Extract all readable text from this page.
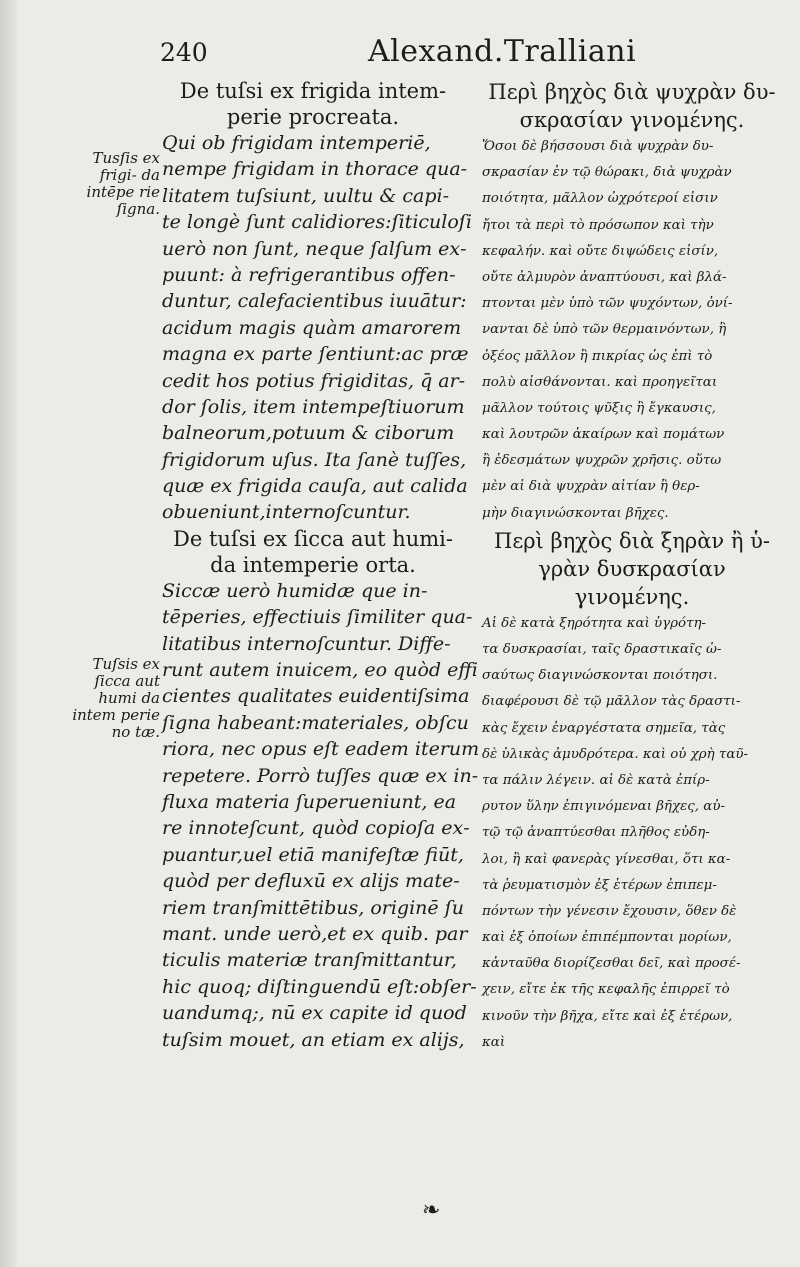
240	Alexand.Tralliani
Tusſis ex frigi‑ da intēpe rie ſigna.
Tuſsis ex ſicca aut humi da intem perie no tæ.
De tuſsi ex frigida intem‑
perie procreata.
Qui ob frigidam intemperiē,
nempe frigidam in thorace qua‑
litatem tuſsiunt, uultu & capi‑
te longè ſunt calidiores:ſiticuloſi
uerò non ſunt, neque ſalſum ex‑
puunt: à refrigerantibus offen‑
duntur, calefacientibus iuuātur:
acidum magis quàm amarorem
magna ex parte ſentiunt:ac præ
cedit hos potius frigiditas, q̄ ar‑
dor ſolis, item intempeſtiuorum
balneorum,potuum & ciborum
frigidorum uſus. Ita ſanè tuſſes,
quæ ex frigida cauſa, aut calida
obueniunt,internoſcuntur.
De tuſsi ex ſicca aut humi‑
da intemperie orta.
Siccæ uerò humidæ que in‑
tēperies, effectiuis ſimiliter qua‑
litatibus internoſcuntur. Diffe‑
runt autem inuicem, eo quòd effi
cientes qualitates euidentiſsima
ſigna habeant:materiales, obſcu
riora, nec opus eſt eadem iterum
repetere. Porrò tuſſes quæ ex in‑
fluxa materia ſuperueniunt, ea
re innoteſcunt, quòd copioſa ex‑
puantur,uel etiā manifeſtæ fiūt,
quòd per defluxū ex alijs mate‑
riem tranſmittētibus, originē ſu
mant. unde uerò,et ex quib. par
ticulis materiæ tranſmittantur,
hic quoq; diſtinguendū eſt:obſer‑
uandumq;, nū ex capite id quod
tuſsim mouet, an etiam ex alijs,
Περὶ βηχὸς διὰ ψυχρὰν δυ‑
σκρασίαν γινομένης.
Ὅσοι δὲ βήσσουσι διὰ ψυχρὰν δυ‑
σκρασίαν ἐν τῷ θώρακι, διὰ ψυχρὰν
ποιότητα, μᾶλλον ὠχρότεροί εἰσιν
ἤτοι τὰ περὶ τὸ πρόσωπον καὶ τὴν
κεφαλήν. καὶ οὔτε διψώδεις εἰσίν,
οὔτε ἁλμυρὸν ἀναπτύουσι, καὶ βλά‑
πτονται μὲν ὑπὸ τῶν ψυχόντων, ὀνί‑
νανται δὲ ὑπὸ τῶν θερμαινόντων, ἢ
ὀξέος μᾶλλον ἢ πικρίας ὡς ἐπὶ τὸ
πολὺ αἰσθάνονται. καὶ προηγεῖται
μᾶλλον τούτοις ψῦξις ἢ ἔγκαυσις,
καὶ λουτρῶν ἀκαίρων καὶ πομάτων
ἢ ἐδεσμάτων ψυχρῶν χρῆσις. οὕτω
μὲν αἱ διὰ ψυχρὰν αἰτίαν ἢ θερ‑
μὴν διαγινώσκονται βῆχες.
Περὶ βηχὸς διὰ ξηρὰν ἢ ὑ‑
γρὰν δυσκρασίαν
γινομένης.
Αἱ δὲ κατὰ ξηρότητα καὶ ὑγρότη‑
τα δυσκρασίαι, ταῖς δραστικαῖς ὡ‑
σαύτως διαγινώσκονται ποιότησι.
διαφέρουσι δὲ τῷ μᾶλλον τὰς δραστι‑
κὰς ἔχειν ἐναργέστατα σημεῖα, τὰς
δὲ ὑλικὰς ἀμυδρότερα. καὶ οὐ χρὴ ταῦ‑
τα πάλιν λέγειν. αἱ δὲ κατὰ ἐπίρ‑
ρυτον ὕλην ἐπιγινόμεναι βῆχες, αὐ‑
τῷ τῷ ἀναπτύεσθαι πλῆθος εὐδη‑
λοι, ἢ καὶ φανερὰς γίνεσθαι, ὅτι κα‑
τὰ ῥευματισμὸν ἐξ ἑτέρων ἐπιπεμ‑
πόντων τὴν γένεσιν ἔχουσιν, ὅθεν δὲ
καὶ ἐξ ὁποίων ἐπιπέμπονται μορίων,
κἀνταῦθα διορίζεσθαι δεῖ, καὶ προσέ‑
χειν, εἴτε ἐκ τῆς κεφαλῆς ἐπιρρεῖ τὸ
κινοῦν τὴν βῆχα, εἴτε καὶ ἐξ ἑτέρων,
καὶ
❧
